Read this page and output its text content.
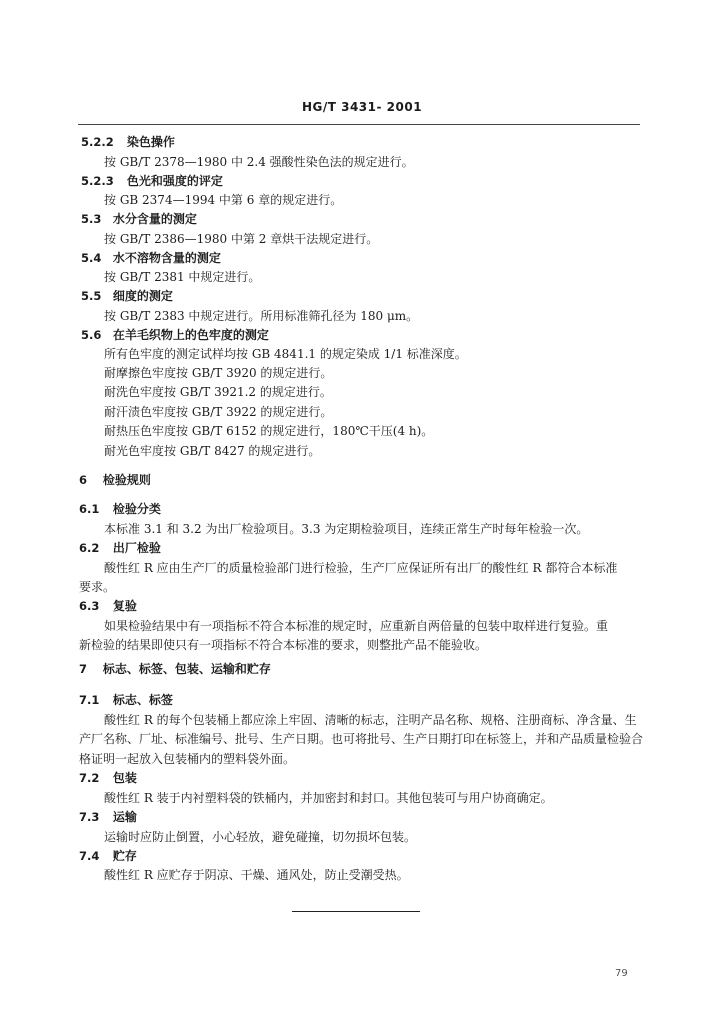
HG/T 3431- 2001
5.2.2 染色操作
按 GB/T 2378—1980 中 2.4 强酸性染色法的规定进行。
5.2.3 色光和强度的评定
按 GB 2374—1994 中第 6 章的规定进行。
5.3 水分含量的测定
按 GB/T 2386—1980 中第 2 章烘干法规定进行。
5.4 水不溶物含量的测定
按 GB/T 2381 中规定进行。
5.5 细度的测定
按 GB/T 2383 中规定进行。所用标准筛孔径为 180 μm。
5.6 在羊毛织物上的色牢度的测定
所有色牢度的测定试样均按 GB 4841.1 的规定染成 1/1 标准深度。
耐摩擦色牢度按 GB/T 3920 的规定进行。
耐洗色牢度按 GB/T 3921.2 的规定进行。
耐汗渍色牢度按 GB/T 3922 的规定进行。
耐热压色牢度按 GB/T 6152 的规定进行，180℃干压(4 h)。
耐光色牢度按 GB/T 8427 的规定进行。
6 检验规则
6.1 检验分类
本标准 3.1 和 3.2 为出厂检验项目。3.3 为定期检验项目，连续正常生产时每年检验一次。
6.2 出厂检验
酸性红 R 应由生产厂的质量检验部门进行检验，生产厂应保证所有出厂的酸性红 R 都符合本标准
要求。
6.3 复验
如果检验结果中有一项指标不符合本标准的规定时，应重新自两倍量的包装中取样进行复验。重
新检验的结果即使只有一项指标不符合本标准的要求，则整批产品不能验收。
7 标志、标签、包装、运输和贮存
7.1 标志、标签
酸性红 R 的每个包装桶上都应涂上牢固、清晰的标志，注明产品名称、规格、注册商标、净含量、生
产厂名称、厂址、标准编号、批号、生产日期。也可将批号、生产日期打印在标签上，并和产品质量检验合
格证明一起放入包装桶内的塑料袋外面。
7.2 包装
酸性红 R 装于内衬塑料袋的铁桶内，并加密封和封口。其他包装可与用户协商确定。
7.3 运输
运输时应防止倒置，小心轻放，避免碰撞，切勿损坏包装。
7.4 贮存
酸性红 R 应贮存于阴凉、干燥、通风处，防止受潮受热。
79
